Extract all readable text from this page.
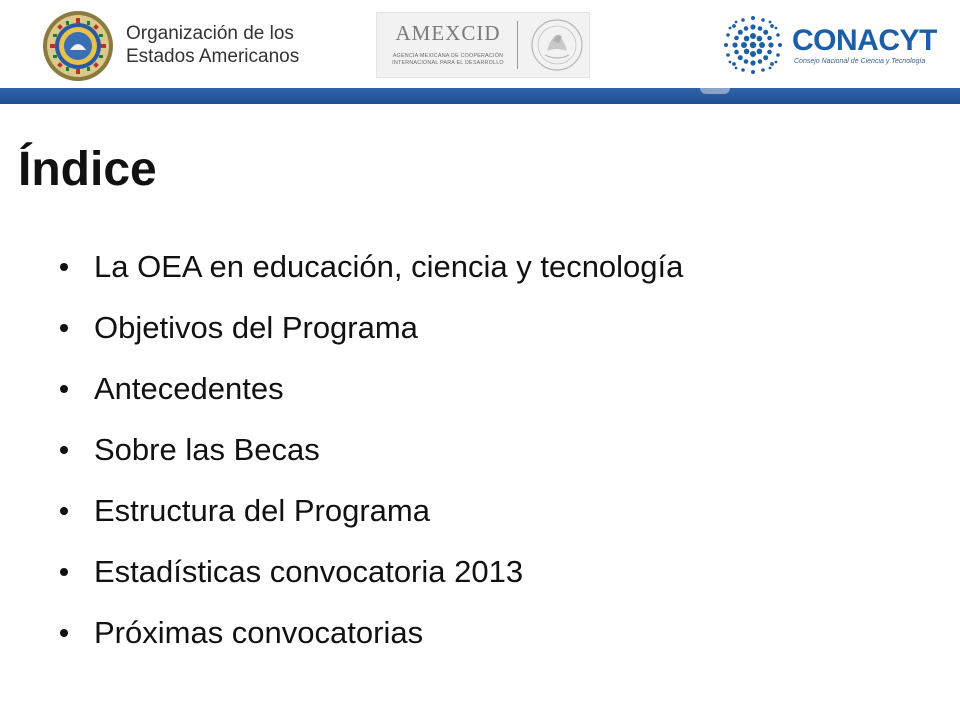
Organización de los
Estados Americanos
AMEXCID
AGENCIA MEXICANA DE COOPERACIÓN
INTERNACIONAL PARA EL DESARROLLO
CONACYT
Consejo Nacional de Ciencia y Tecnología
Índice
La OEA en educación, ciencia y tecnología
Objetivos del Programa
Antecedentes
Sobre las Becas
Estructura del Programa
Estadísticas convocatoria 2013
Próximas convocatorias
